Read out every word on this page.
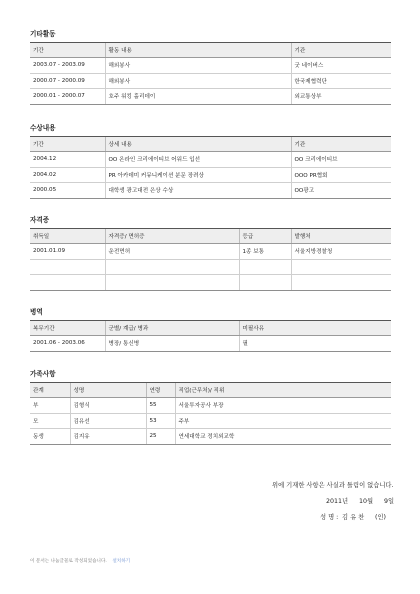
기타활동
기간	활동 내용	기관
2003.07 - 2003.09	해외봉사	굿 네이버스
2000.07 - 2000.09	해외봉사	한국제협력단
2000.01 - 2000.07	호주 워킹 홀리데이	외교통상부
수상내용
기간	상세 내용	기관
2004.12	OO 온라인 크리에이티브 어워드 입선	OO 크리에이티브
2004.02	PR 아카데미 커뮤니케이션 분문 장려상	OOO PR협회
2000.05	대학생 광고대전 은상 수상	OO광고
자격증
취득일	자격증/ 면허증	등급	발행처
2001.01.09	운전면허	1종 보통	서울지방경찰청

병역
복무기간	군별/ 계급/ 병과	미필사유
2001.06 - 2003.06	병장/ 통신병	필
가족사항
관계	성명	연령	직업(근무처)/ 직위
부	김형식	55	서울투자공사 부장
모	김유선	53	주부
동생	김지유	25	연세대학교 정치외교학
위에 기재한 사항은 사실과 틀림이 없습니다.
2011년 10월 9일
성 명 : 김 유 찬 (인)
이 문서는 나눔글꼴로 작성되었습니다. 설치하기
